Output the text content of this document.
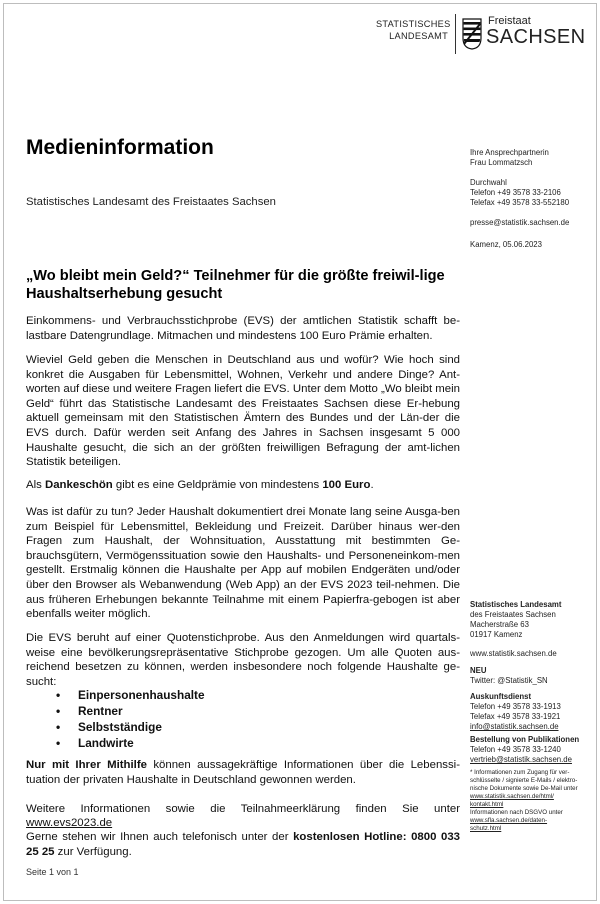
STATISTISCHES
LANDESAMT
Freistaat
SACHSEN
Medieninformation
Statistisches Landesamt des Freistaates Sachsen
Ihre Ansprechpartnerin
Frau Lommatzsch
Durchwahl
Telefon +49 3578 33-2106
Telefax +49 3578 33-552180
presse@statistik.sachsen.de
Kamenz, 05.06.2023
„Wo bleibt mein Geld?“ Teilnehmer für die größte freiwil-lige Haushaltserhebung gesucht
Einkommens- und Verbrauchsstichprobe (EVS) der amtlichen Statistik schafft be-lastbare Datengrundlage. Mitmachen und mindestens 100 Euro Prämie erhalten.
Wieviel Geld geben die Menschen in Deutschland aus und wofür? Wie hoch sind konkret die Ausgaben für Lebensmittel, Wohnen, Verkehr und andere Dinge? Ant-worten auf diese und weitere Fragen liefert die EVS. Unter dem Motto „Wo bleibt mein Geld“ führt das Statistische Landesamt des Freistaates Sachsen diese Er-hebung aktuell gemeinsam mit den Statistischen Ämtern des Bundes und der Län-der die EVS durch. Dafür werden seit Anfang des Jahres in Sachsen insgesamt 5 000 Haushalte gesucht, die sich an der größten freiwilligen Befragung der amt-lichen Statistik beteiligen.
Als Dankeschön gibt es eine Geldprämie von mindestens 100 Euro.
Was ist dafür zu tun? Jeder Haushalt dokumentiert drei Monate lang seine Ausga-ben zum Beispiel für Lebensmittel, Bekleidung und Freizeit. Darüber hinaus wer-den Fragen zum Haushalt, der Wohnsituation, Ausstattung mit bestimmten Ge-brauchsgütern, Vermögenssituation sowie den Haushalts- und Personeneinkom-men gestellt. Erstmalig können die Haushalte per App auf mobilen Endgeräten und/oder über den Browser als Webanwendung (Web App) an der EVS 2023 teil-nehmen. Die aus früheren Erhebungen bekannte Teilnahme mit einem Papierfra-gebogen ist aber ebenfalls weiter möglich.
Die EVS beruht auf einer Quotenstichprobe. Aus den Anmeldungen wird quartals-weise eine bevölkerungsrepräsentative Stichprobe gezogen. Um alle Quoten aus-reichend besetzen zu können, werden insbesondere noch folgende Haushalte ge-sucht:
• Einpersonenhaushalte
• Rentner
• Selbstständige
• Landwirte
Nur mit Ihrer Mithilfe können aussagekräftige Informationen über die Lebenssi-tuation der privaten Haushalte in Deutschland gewonnen werden.
Weitere Informationen sowie die Teilnahmeerklärung finden Sie unter
www.evs2023.de
Gerne stehen wir Ihnen auch telefonisch unter der kostenlosen Hotline: 0800 033 25 25 zur Verfügung.
Seite 1 von 1
Statistisches Landesamt
des Freistaates Sachsen
Macherstraße 63
01917 Kamenz
www.statistik.sachsen.de
NEU
Twitter: @Statistik_SN
Auskunftsdienst
Telefon +49 3578 33-1913
Telefax +49 3578 33-1921
info@statistik.sachsen.de
Bestellung von Publikationen
Telefon +49 3578 33-1240
vertrieb@statistik.sachsen.de
* Informationen zum Zugang für ver-
schlüsselte / signierte E-Mails / elektro-
nische Dokumente sowie De-Mail unter
www.statistik.sachsen.de/html/
kontakt.html
Informationen nach DSGVO unter
www.sfla.sachsen.de/daten-
schutz.html
